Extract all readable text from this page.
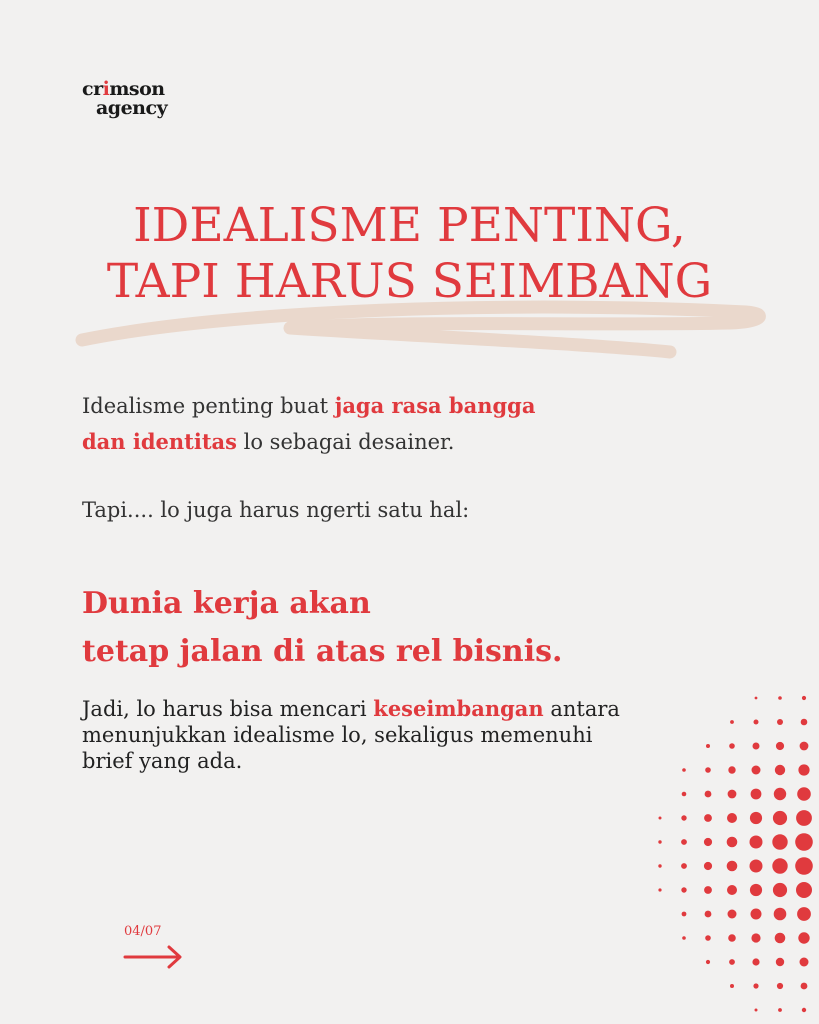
crimson
agency
IDEALISME PENTING,
TAPI HARUS SEIMBANG
Idealisme penting buat jaga rasa bangga
dan identitas lo sebagai desainer.
Tapi.... lo juga harus ngerti satu hal:
Dunia kerja akan
tetap jalan di atas rel bisnis.
Jadi, lo harus bisa mencari keseimbangan antara
menunjukkan idealisme lo, sekaligus memenuhi
brief yang ada.
04/07
